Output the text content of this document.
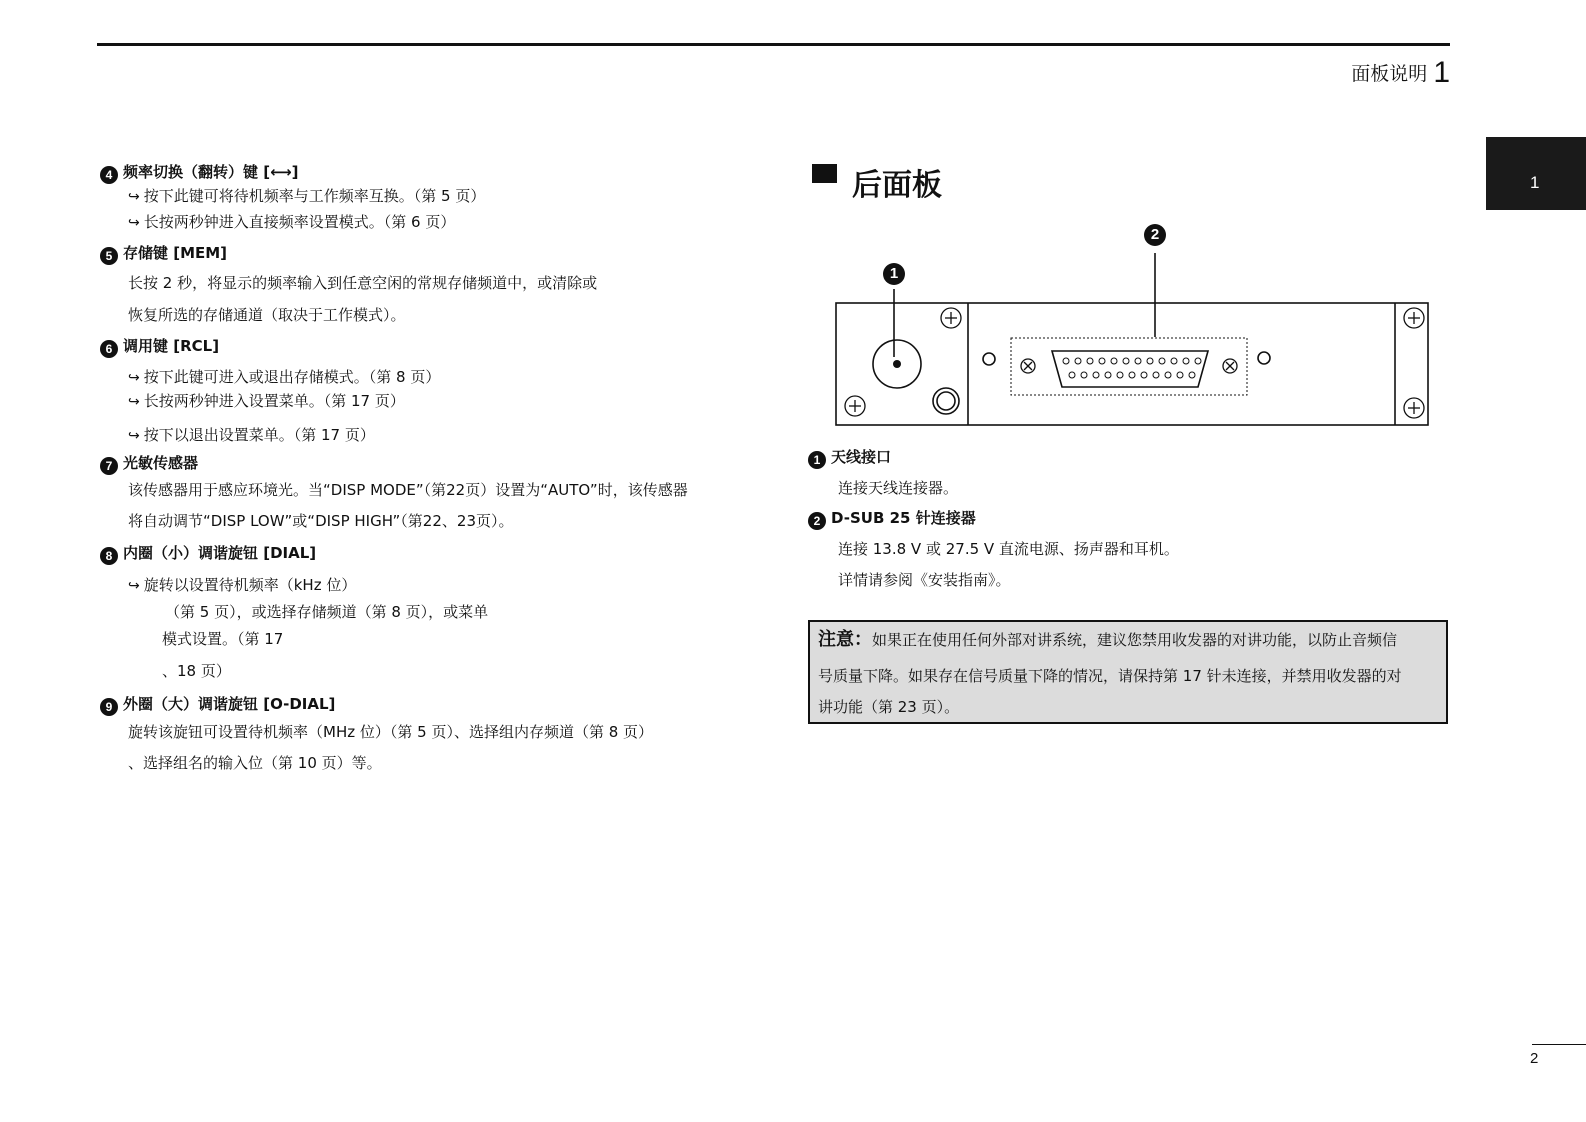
面板说明 1
1
4 频率切换（翻转）键 [⟷]
↪ 按下此键可将待机频率与工作频率互换。（第 5 页）
↪ 长按两秒钟进入直接频率设置模式。（第 6 页）
5 存储键 [MEM]
长按 2 秒，将显示的频率输入到任意空闲的常规存储频道中，或清除或
恢复所选的存储通道（取决于工作模式）。
6 调用键 [RCL]
↪ 按下此键可进入或退出存储模式。（第 8 页）
↪ 长按两秒钟进入设置菜单。（第 17 页）
↪ 按下以退出设置菜单。（第 17 页）
7 光敏传感器
该传感器用于感应环境光。当“DISP MODE”（第22页）设置为“AUTO”时，该传感器
将自动调节“DISP LOW”或“DISP HIGH”（第22、23页）。
8 内圈（小）调谐旋钮 [DIAL]
↪ 旋转以设置待机频率（kHz 位）
（第 5 页），或选择存储频道（第 8 页），或菜单
模式设置。（第 17
、18 页）
9 外圈（大）调谐旋钮 [O-DIAL]
旋转该旋钮可设置待机频率（MHz 位）（第 5 页）、选择组内存频道（第 8 页）
、选择组名的输入位（第 10 页）等。
后面板
2
1
1 天线接口
连接天线连接器。
2 D-SUB 25 针连接器
连接 13.8 V 或 27.5 V 直流电源、扬声器和耳机。
详情请参阅《安装指南》。
注意：如果正在使用任何外部对讲系统，建议您禁用收发器的对讲功能，以防止音频信
号质量下降。如果存在信号质量下降的情况，请保持第 17 针未连接，并禁用收发器的对
讲功能（第 23 页）。
2
